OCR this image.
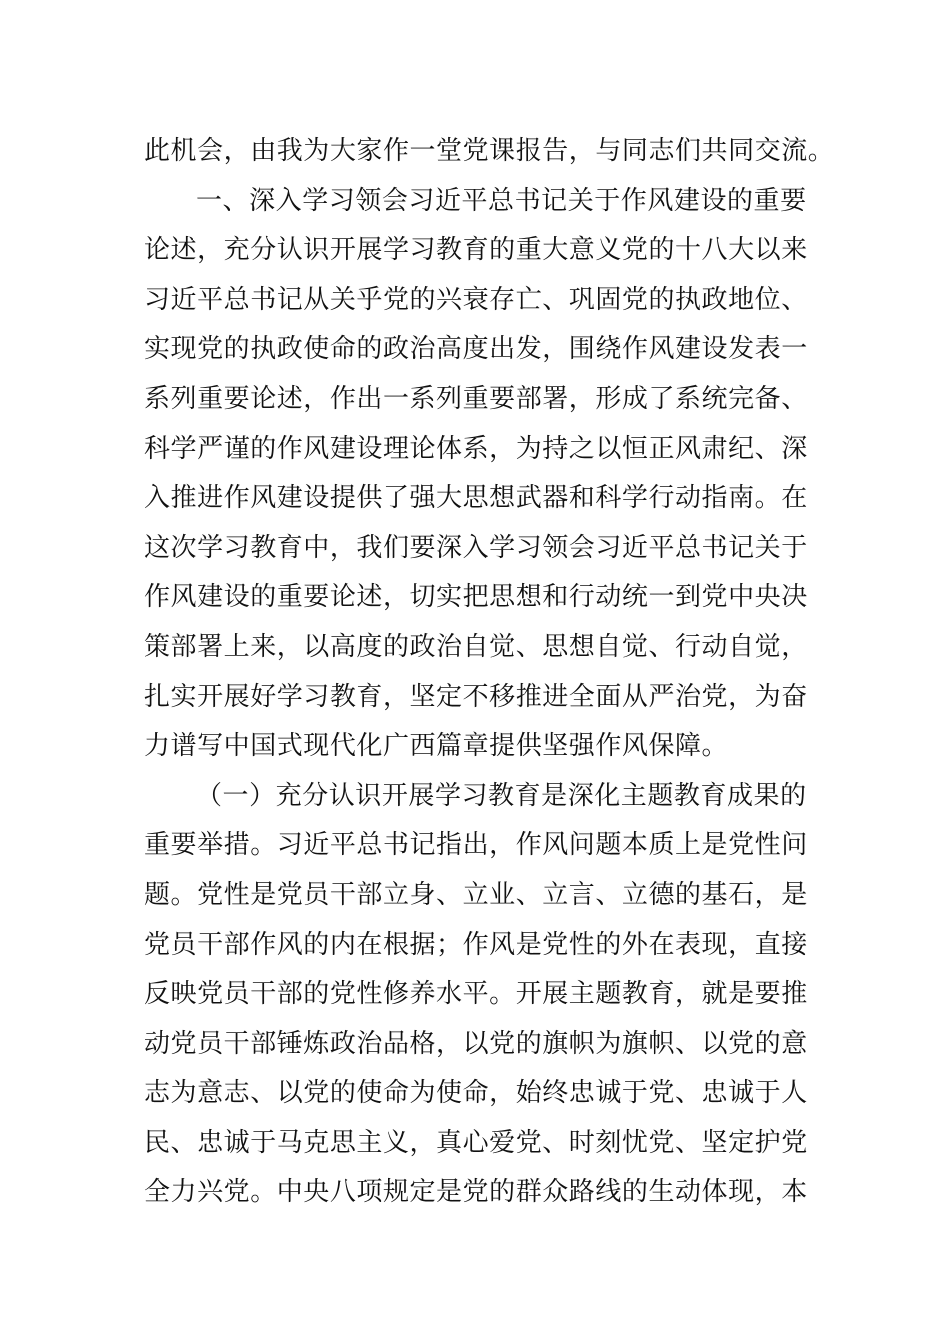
此机会，由我为大家作一堂党课报告，与同志们共同交流。
一、深入学习领会习近平总书记关于作风建设的重要
论述，充分认识开展学习教育的重大意义党的十八大以来
习近平总书记从关乎党的兴衰存亡、巩固党的执政地位、
实现党的执政使命的政治高度出发，围绕作风建设发表一
系列重要论述，作出一系列重要部署，形成了系统完备、
科学严谨的作风建设理论体系，为持之以恒正风肃纪、深
入推进作风建设提供了强大思想武器和科学行动指南。在
这次学习教育中，我们要深入学习领会习近平总书记关于
作风建设的重要论述，切实把思想和行动统一到党中央决
策部署上来，以高度的政治自觉、思想自觉、行动自觉，
扎实开展好学习教育，坚定不移推进全面从严治党，为奋
力谱写中国式现代化广西篇章提供坚强作风保障。
（一）充分认识开展学习教育是深化主题教育成果的
重要举措。习近平总书记指出，作风问题本质上是党性问
题。党性是党员干部立身、立业、立言、立德的基石，是
党员干部作风的内在根据；作风是党性的外在表现，直接
反映党员干部的党性修养水平。开展主题教育，就是要推
动党员干部锤炼政治品格，以党的旗帜为旗帜、以党的意
志为意志、以党的使命为使命，始终忠诚于党、忠诚于人
民、忠诚于马克思主义，真心爱党、时刻忧党、坚定护党
全力兴党。中央八项规定是党的群众路线的生动体现，本
